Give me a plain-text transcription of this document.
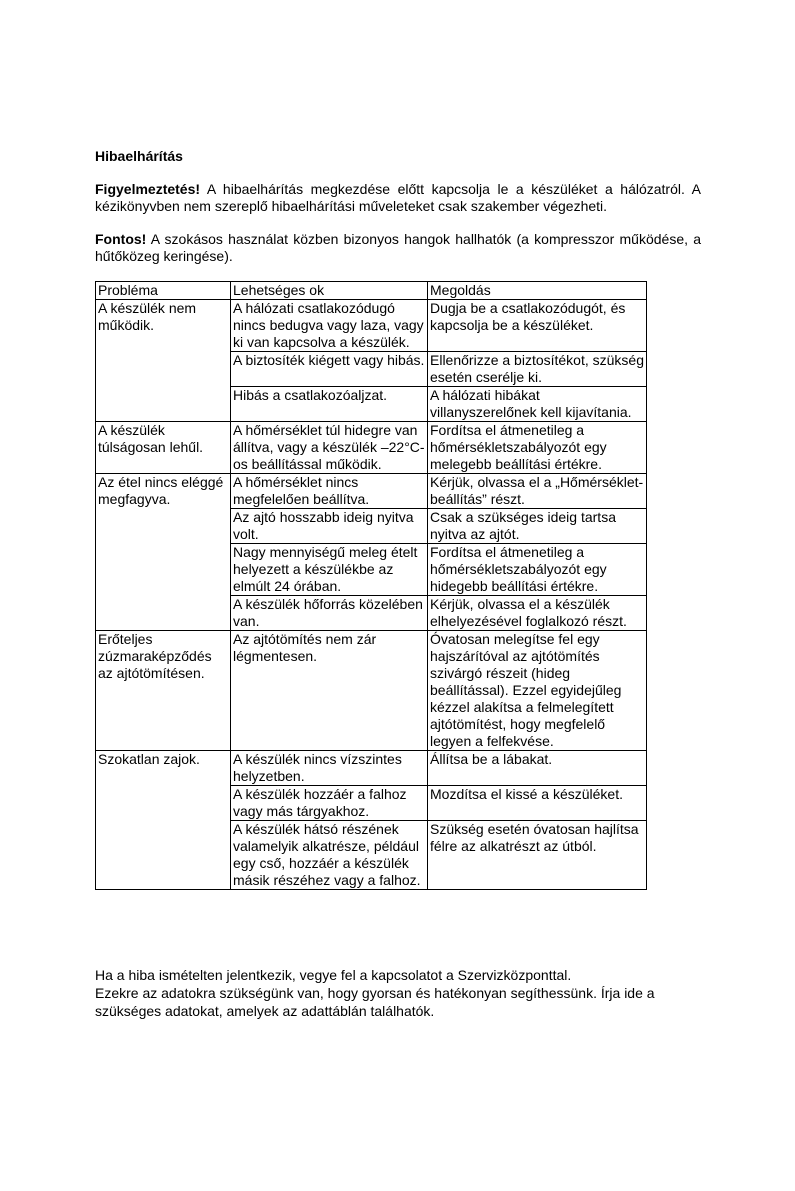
Hibaelhárítás

Figyelmeztetés! A hibaelhárítás megkezdése előtt kapcsolja le a készüléket a hálózatról. A kézikönyvben nem szereplő hibaelhárítási műveleteket csak szakember végezheti.

Fontos! A szokásos használat közben bizonyos hangok hallhatók (a kompresszor működése, a hűtőközeg keringése).

Probléma	Lehetséges ok	Megoldás
A készülék nem működik.	A hálózati csatlakozódugó nincs bedugva vagy laza, vagy ki van kapcsolva a készülék.	Dugja be a csatlakozódugót, és kapcsolja be a készüléket.
	A biztosíték kiégett vagy hibás.	Ellenőrizze a biztosítékot, szükség esetén cserélje ki.
	Hibás a csatlakozóaljzat.	A hálózati hibákat villanyszerelőnek kell kijavítania.
A készülék túlságosan lehűl.	A hőmérséklet túl hidegre van állítva, vagy a készülék –22°C-os beállítással működik.	Fordítsa el átmenetileg a hőmérsékletszabályozót egy melegebb beállítási értékre.
Az étel nincs eléggé megfagyva.	A hőmérséklet nincs megfelelően beállítva.	Kérjük, olvassa el a „Hőmérséklet-beállítás” részt.
	Az ajtó hosszabb ideig nyitva volt.	Csak a szükséges ideig tartsa nyitva az ajtót.
	Nagy mennyiségű meleg ételt helyezett a készülékbe az elmúlt 24 órában.	Fordítsa el átmenetileg a hőmérsékletszabályozót egy hidegebb beállítási értékre.
	A készülék hőforrás közelében van.	Kérjük, olvassa el a készülék elhelyezésével foglalkozó részt.
Erőteljes zúzmaraképződés az ajtótömítésen.	Az ajtótömítés nem zár légmentesen.	Óvatosan melegítse fel egy hajszárítóval az ajtótömítés szivárgó részeit (hideg beállítással). Ezzel egyidejűleg kézzel alakítsa a felmelegített ajtótömítést, hogy megfelelő legyen a felfekvése.
Szokatlan zajok.	A készülék nincs vízszintes helyzetben.	Állítsa be a lábakat.
	A készülék hozzáér a falhoz vagy más tárgyakhoz.	Mozdítsa el kissé a készüléket.
	A készülék hátsó részének valamelyik alkatrésze, például egy cső, hozzáér a készülék másik részéhez vagy a falhoz.	Szükség esetén óvatosan hajlítsa félre az alkatrészt az útból.
Ha a hiba ismételten jelentkezik, vegye fel a kapcsolatot a Szervizközponttal.
Ezekre az adatokra szükségünk van, hogy gyorsan és hatékonyan segíthessünk. Írja ide a
szükséges adatokat, amelyek az adattáblán találhatók.
